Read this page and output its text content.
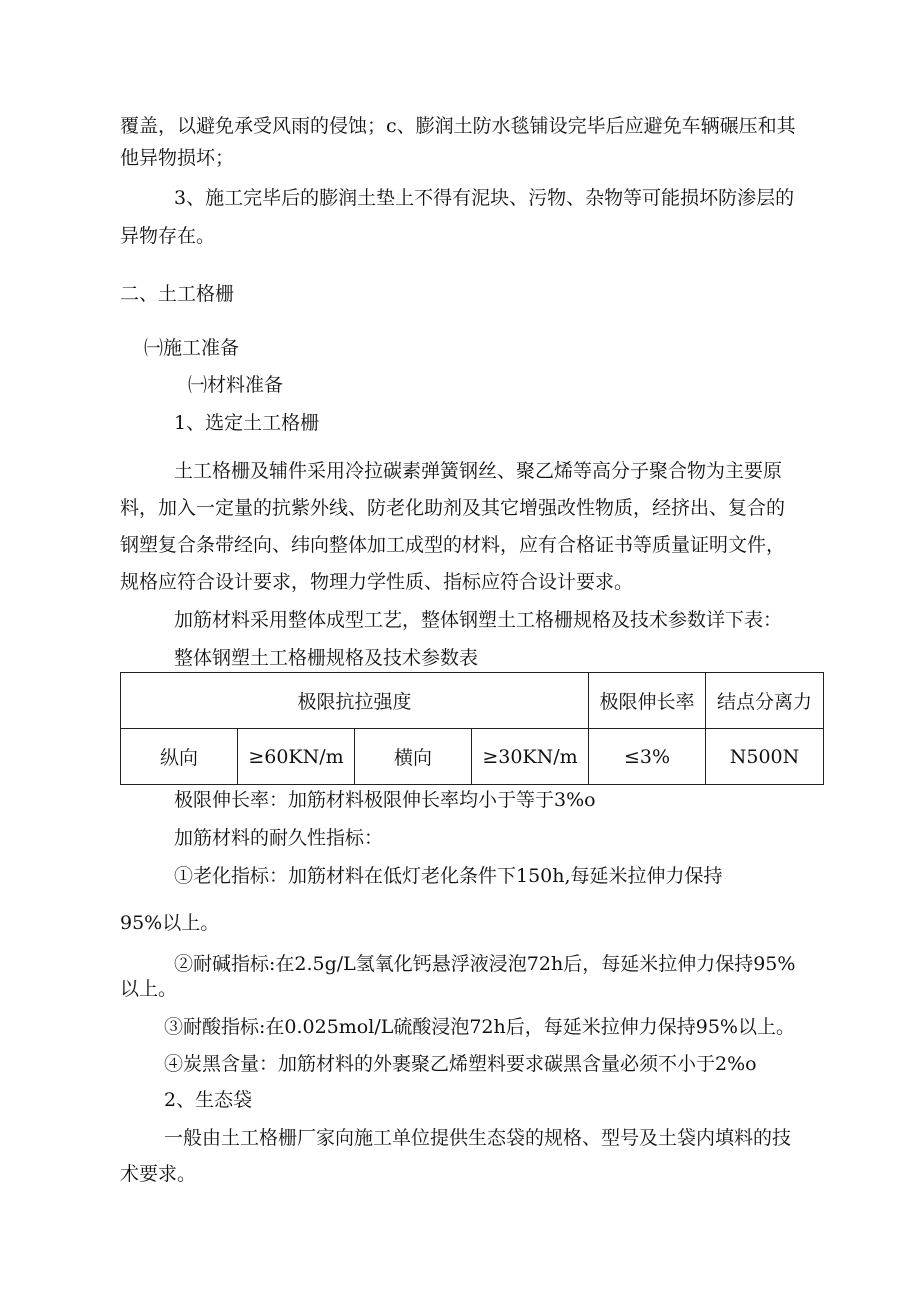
覆盖，以避免承受风雨的侵蚀；c、膨润土防水毯铺设完毕后应避免车辆碾压和其
他异物损坏；
3、施工完毕后的膨润土垫上不得有泥块、污物、杂物等可能损坏防渗层的
异物存在。
二、土工格栅
㈠施工准备
㈠材料准备
1、选定土工格栅
土工格栅及辅件采用冷拉碳素弹簧钢丝、聚乙烯等高分子聚合物为主要原
料，加入一定量的抗紫外线、防老化助剂及其它增强改性物质，经挤出、复合的
钢塑复合条带经向、纬向整体加工成型的材料，应有合格证书等质量证明文件，
规格应符合设计要求，物理力学性质、指标应符合设计要求。
加筋材料采用整体成型工艺，整体钢塑土工格栅规格及技术参数详下表：
整体钢塑土工格栅规格及技术参数表
极限抗拉强度				极限伸长率	结点分离力
纵向	≥60KN∕m	横向	≥30KN∕m	≤3%	N500N
极限伸长率：加筋材料极限伸长率均小于等于3%o
加筋材料的耐久性指标：
①老化指标：加筋材料在低灯老化条件下150h,每延米拉伸力保持
95%以上。
②耐碱指标:在2.5g∕L氢氧化钙悬浮液浸泡72h后，每延米拉伸力保持95%
以上。
③耐酸指标:在0.025mol∕L硫酸浸泡72h后，每延米拉伸力保持95%以上。
④炭黑含量：加筋材料的外裹聚乙烯塑料要求碳黑含量必须不小于2%o
2、生态袋
一般由土工格栅厂家向施工单位提供生态袋的规格、型号及土袋内填料的技
术要求。
